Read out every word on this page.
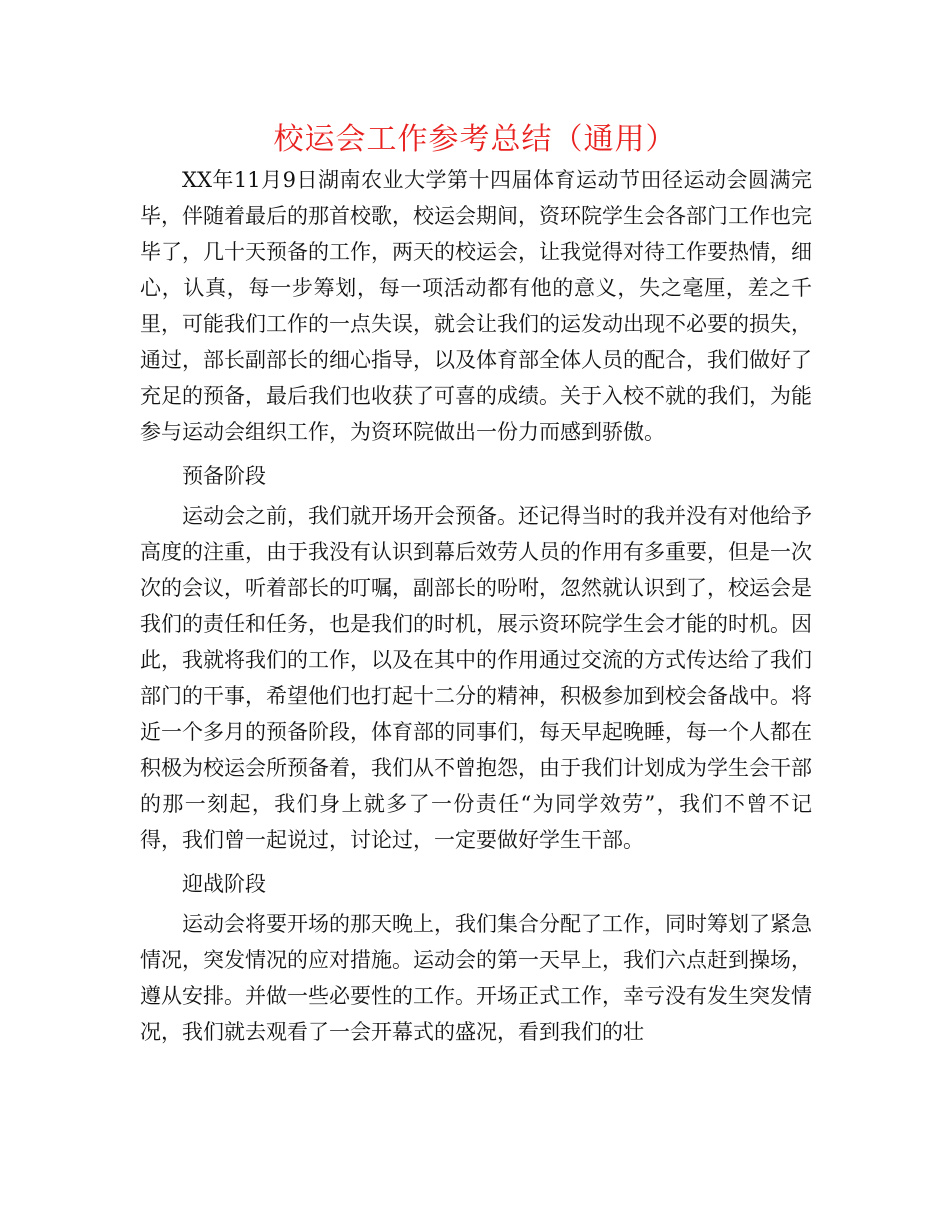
校运会工作参考总结（通用）

XX年11月9日湖南农业大学第十四届体育运动节田径运动会圆满完毕，伴随着最后的那首校歌，校运会期间，资环院学生会各部门工作也完毕了，几十天预备的工作，两天的校运会，让我觉得对待工作要热情，细心，认真，每一步筹划，每一项活动都有他的意义，失之毫厘，差之千里，可能我们工作的一点失误，就会让我们的运发动出现不必要的损失，通过，部长副部长的细心指导，以及体育部全体人员的配合，我们做好了充足的预备，最后我们也收获了可喜的成绩。关于入校不就的我们，为能参与运动会组织工作，为资环院做出一份力而感到骄傲。

预备阶段

运动会之前，我们就开场开会预备。还记得当时的我并没有对他给予高度的注重，由于我没有认识到幕后效劳人员的作用有多重要，但是一次次的会议，听着部长的叮嘱，副部长的吩咐，忽然就认识到了，校运会是我们的责任和任务，也是我们的时机，展示资环院学生会才能的时机。因此，我就将我们的工作，以及在其中的作用通过交流的方式传达给了我们部门的干事，希望他们也打起十二分的精神，积极参加到校会备战中。将近一个多月的预备阶段，体育部的同事们，每天早起晚睡，每一个人都在积极为校运会所预备着，我们从不曾抱怨，由于我们计划成为学生会干部的那一刻起，我们身上就多了一份责任“为同学效劳”，我们不曾不记得，我们曾一起说过，讨论过，一定要做好学生干部。

迎战阶段

运动会将要开场的那天晚上，我们集合分配了工作，同时筹划了紧急情况，突发情况的应对措施。运动会的第一天早上，我们六点赶到操场，遵从安排。并做一些必要性的工作。开场正式工作，幸亏没有发生突发情况，我们就去观看了一会开幕式的盛况，看到我们的壮
